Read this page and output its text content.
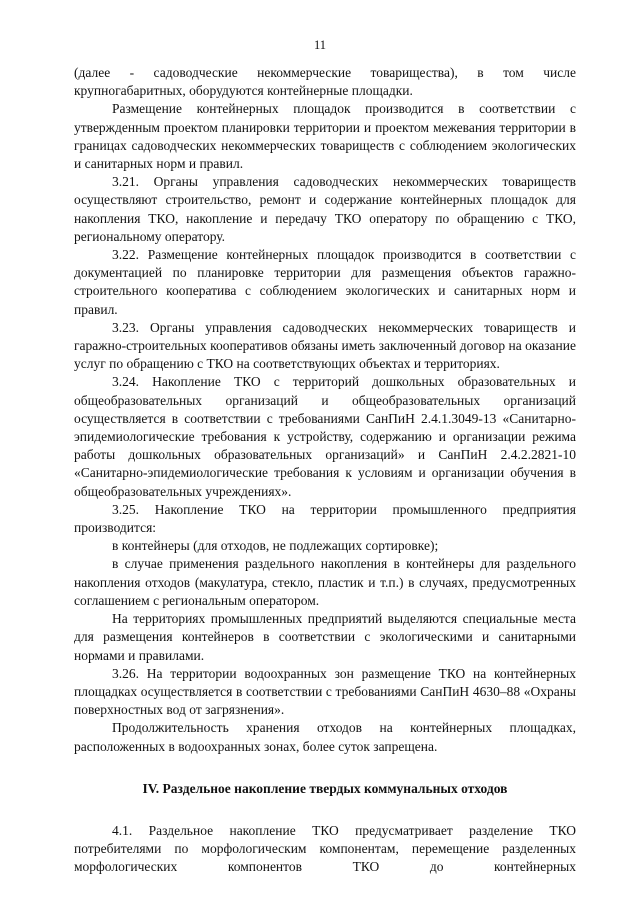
11

(далее - садоводческие некоммерческие товарищества), в том числе крупногабаритных, оборудуются контейнерные площадки.

Размещение контейнерных площадок производится в соответствии с утвержденным проектом планировки территории и проектом межевания территории в границах садоводческих некоммерческих товариществ с соблюдением экологических и санитарных норм и правил.

3.21. Органы управления садоводческих некоммерческих товариществ осуществляют строительство, ремонт и содержание контейнерных площадок для накопления ТКО, накопление и передачу ТКО оператору по обращению с ТКО, региональному оператору.

3.22. Размещение контейнерных площадок производится в соответствии с документацией по планировке территории для размещения объектов гаражно-строительного кооператива с соблюдением экологических и санитарных норм и правил.

3.23. Органы управления садоводческих некоммерческих товариществ и гаражно-строительных кооперативов обязаны иметь заключенный договор на оказание услуг по обращению с ТКО на соответствующих объектах и территориях.

3.24. Накопление ТКО с территорий дошкольных образовательных и общеобразовательных организаций и общеобразовательных организаций осуществляется в соответствии с требованиями СанПиН 2.4.1.3049-13 «Санитарно-эпидемиологические требования к устройству, содержанию и организации режима работы дошкольных образовательных организаций» и СанПиН 2.4.2.2821-10 «Санитарно-эпидемиологические требования к условиям и организации обучения в общеобразовательных учреждениях».

3.25. Накопление ТКО на территории промышленного предприятия производится:

в контейнеры (для отходов, не подлежащих сортировке);

в случае применения раздельного накопления в контейнеры для раздельного накопления отходов (макулатура, стекло, пластик и т.п.) в случаях, предусмотренных соглашением с региональным оператором.

На территориях промышленных предприятий выделяются специальные места для размещения контейнеров в соответствии с экологическими и санитарными нормами и правилами.

3.26. На территории водоохранных зон размещение ТКО на контейнерных площадках осуществляется в соответствии с требованиями СанПиН 4630–88 «Охраны поверхностных вод от загрязнения».

Продолжительность хранения отходов на контейнерных площадках, расположенных в водоохранных зонах, более суток запрещена.

IV. Раздельное накопление твердых коммунальных отходов

4.1. Раздельное накопление ТКО предусматривает разделение ТКО потребителями по морфологическим компонентам, перемещение разделенных морфологических компонентов ТКО до контейнерных
